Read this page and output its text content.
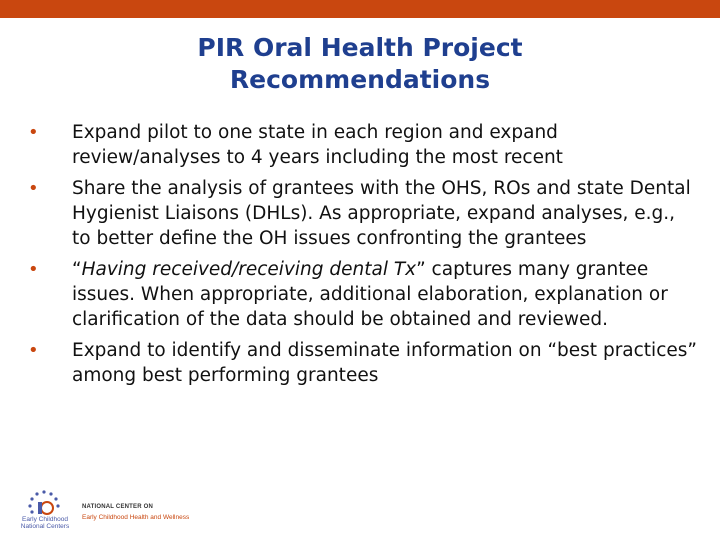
PIR Oral Health Project
Recommendations
•	Expand pilot to one state in each region and expand review/analyses to 4 years including the most recent
•	Share the analysis of grantees with the OHS, ROs and state Dental Hygienist Liaisons (DHLs). As appropriate, expand analyses, e.g., to better define the OH issues confronting the grantees
•	“Having received/receiving dental Tx” captures many grantee issues. When appropriate, additional elaboration, explanation or clarification of the data should be obtained and reviewed.
•	Expand to identify and disseminate information on “best practices” among best performing grantees
Early Childhood
National Centers
NATIONAL CENTER ON
Early Childhood Health and Wellness
